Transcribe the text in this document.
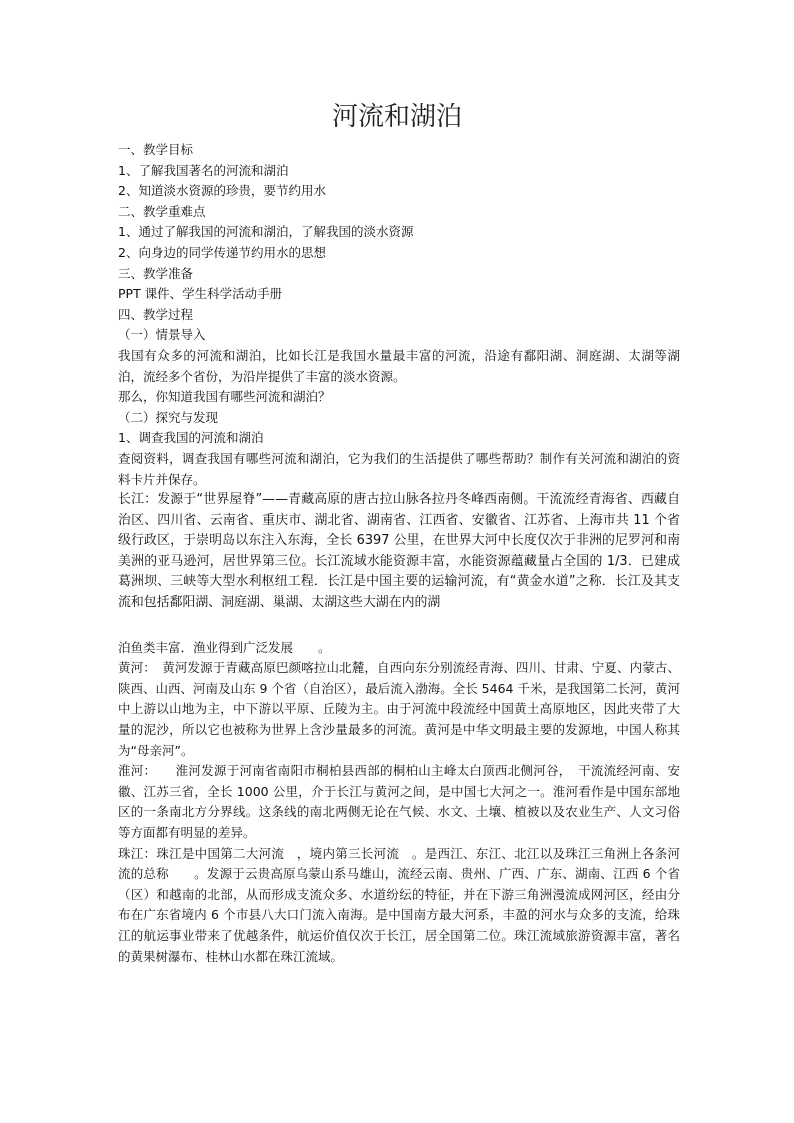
河流和湖泊
一、教学目标
1、了解我国著名的河流和湖泊
2、知道淡水资源的珍贵，要节约用水
二、教学重难点
1、通过了解我国的河流和湖泊，了解我国的淡水资源
2、向身边的同学传递节约用水的思想
三、教学准备
PPT 课件、学生科学活动手册
四、教学过程
（一）情景导入

我国有众多的河流和湖泊，比如长江是我国水量最丰富的河流，沿途有鄱阳湖、洞庭湖、太湖等湖泊，流经多个省份，为沿岸提供了丰富的淡水资源。

那么，你知道我国有哪些河流和湖泊？
（二）探究与发现
1、调查我国的河流和湖泊

查阅资料，调查我国有哪些河流和湖泊，它为我们的生活提供了哪些帮助？制作有关河流和湖泊的资料卡片并保存。

长江：发源于“世界屋脊”——青藏高原的唐古拉山脉各拉丹冬峰西南侧。干流流经青海省、西藏自治区、四川省、云南省、重庆市、湖北省、湖南省、江西省、安徽省、江苏省、上海市共 11 个省级行政区，于崇明岛以东注入东海，全长 6397 公里，在世界大河中长度仅次于非洲的尼罗河和南美洲的亚马逊河，居世界第三位。长江流域水能资源丰富，水能资源蕴藏量占全国的 1/3．已建成葛洲坝、三峡等大型水利枢纽工程．长江是中国主要的运输河流，有“黄金水道”之称．长江及其支流和包括鄱阳湖、洞庭湖、巢湖、太湖这些大湖在内的湖

泊鱼类丰富．渔业得到广泛发展　　。

黄河：　黄河发源于青藏高原巴颜喀拉山北麓，自西向东分别流经青海、四川、甘肃、宁夏、内蒙古、陕西、山西、河南及山东 9 个省（自治区），最后流入渤海。全长 5464 千米，是我国第二长河，黄河中上游以山地为主，中下游以平原、丘陵为主。由于河流中段流经中国黄土高原地区，因此夹带了大量的泥沙，所以它也被称为世界上含沙量最多的河流。黄河是中华文明最主要的发源地，中国人称其为“母亲河”。

淮河：　　淮河发源于河南省南阳市桐柏县西部的桐柏山主峰太白顶西北侧河谷，　干流流经河南、安徽、江苏三省，全长 1000 公里，介于长江与黄河之间，是中国七大河之一。淮河看作是中国东部地区的一条南北方分界线。这条线的南北两侧无论在气候、水文、土壤、植被以及农业生产、人文习俗等方面都有明显的差异。

珠江：珠江是中国第二大河流　，境内第三长河流　。是西江、东江、北江以及珠江三角洲上各条河流的总称　　。发源于云贵高原乌蒙山系马雄山，流经云南、贵州、广西、广东、湖南、江西 6 个省（区）和越南的北部，从而形成支流众多、水道纷纭的特征，并在下游三角洲漫流成网河区，经由分布在广东省境内 6 个市县八大口门流入南海。是中国南方最大河系，丰盈的河水与众多的支流，给珠江的航运事业带来了优越条件，航运价值仅次于长江，居全国第二位。珠江流域旅游资源丰富，著名的黄果树瀑布、桂林山水都在珠江流域。
